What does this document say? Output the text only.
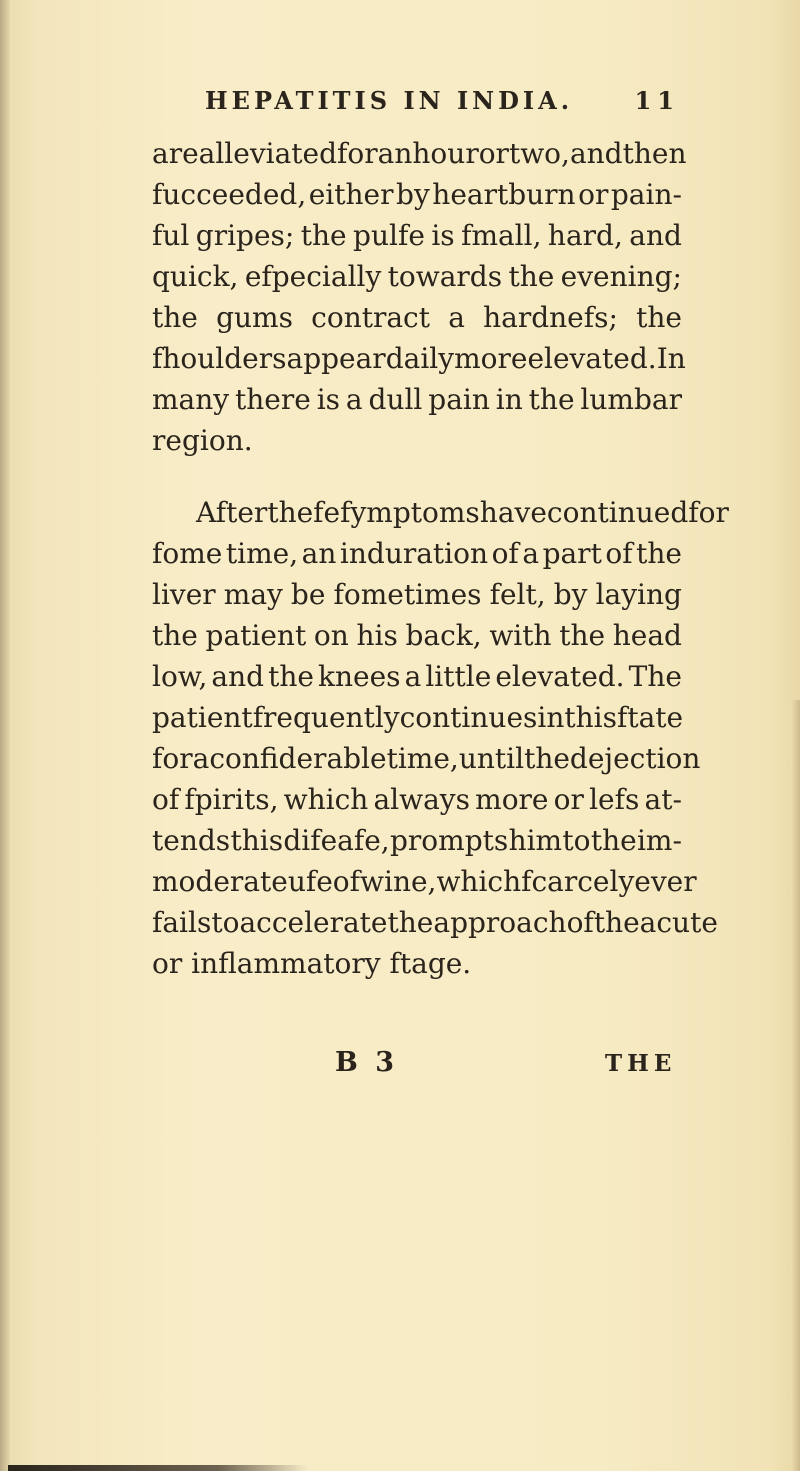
HEPATITIS IN INDIA.	11
are alleviated for an hour or two, and then
fucceeded, either by heartburn or pain-
ful gripes; the pulfe is fmall, hard, and
quick, efpecially towards the evening;
the gums contract a hardnefs; the
fhoulders appear daily more elevated. In
many there is a dull pain in the lumbar
region.
After thefe fymptoms have continued for
fome time, an induration of a part of the
liver may be fometimes felt, by laying
the patient on his back, with the head
low, and the knees a little elevated. The
patient frequently continues in this ftate
for a confiderable time, until the dejection
of fpirits, which always more or lefs at-
tends this difeafe, prompts him to the im-
moderate ufe of wine, which fcarcely ever
fails to accelerate the approach of the acute
or inflammatory ftage.
B 3	THE
